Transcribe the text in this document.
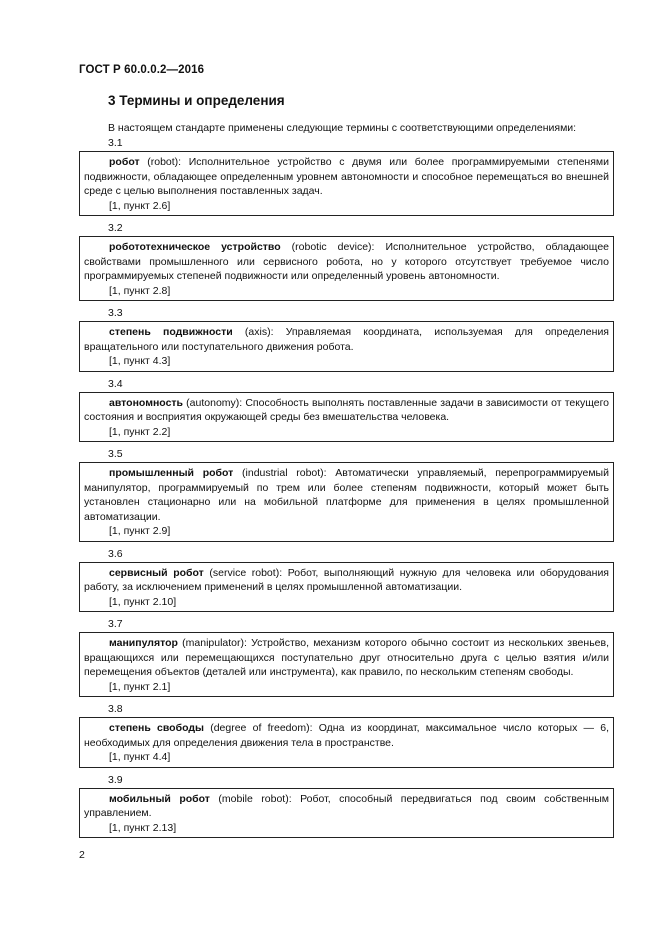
ГОСТ Р 60.0.0.2—2016
3 Термины и определения
В настоящем стандарте применены следующие термины с соответствующими определениями:
3.1

робот (robot): Исполнительное устройство с двумя или более программируемыми степенями подвижности, обладающее определенным уровнем автономности и способное перемещаться во внешней среде с целью выполнения поставленных задач.

[1, пункт 2.6]

3.2

робототехническое устройство (robotic device): Исполнительное устройство, обладающее свойствами промышленного или сервисного робота, но у которого отсутствует требуемое число программируемых степеней подвижности или определенный уровень автономности.

[1, пункт 2.8]

3.3

степень подвижности (axis): Управляемая координата, используемая для определения вращательного или поступательного движения робота.

[1, пункт 4.3]

3.4

автономность (autonomy): Способность выполнять поставленные задачи в зависимости от текущего состояния и восприятия окружающей среды без вмешательства человека.

[1, пункт 2.2]

3.5

промышленный робот (industrial robot): Автоматически управляемый, перепрограммируемый манипулятор, программируемый по трем или более степеням подвижности, который может быть установлен стационарно или на мобильной платформе для применения в целях промышленной автоматизации.

[1, пункт 2.9]

3.6

сервисный робот (service robot): Робот, выполняющий нужную для человека или оборудования работу, за исключением применений в целях промышленной автоматизации.

[1, пункт 2.10]

3.7

манипулятор (manipulator): Устройство, механизм которого обычно состоит из нескольких звеньев, вращающихся или перемещающихся поступательно друг относительно друга с целью взятия и/или перемещения объектов (деталей или инструмента), как правило, по нескольким степеням свободы.

[1, пункт 2.1]

3.8

степень свободы (degree of freedom): Одна из координат, максимальное число которых — 6, необходимых для определения движения тела в пространстве.

[1, пункт 4.4]

3.9

мобильный робот (mobile robot): Робот, способный передвигаться под своим собственным управлением.

[1, пункт 2.13]

2
